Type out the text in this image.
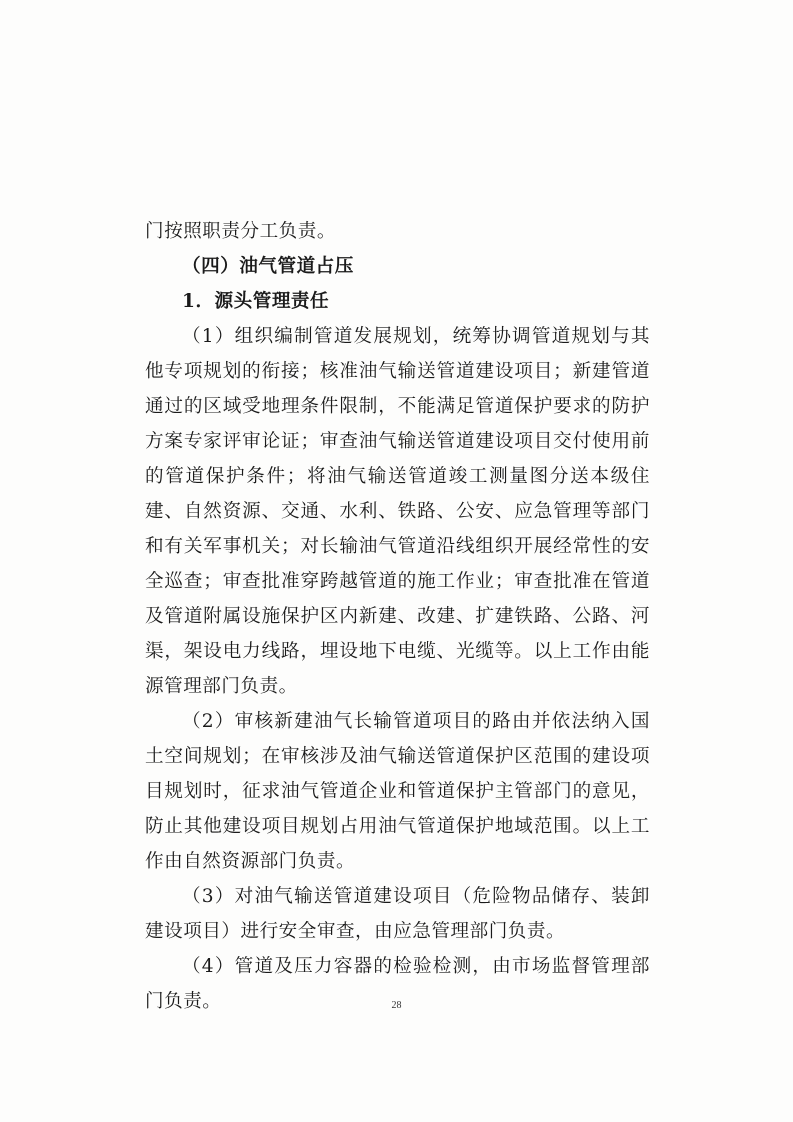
门按照职责分工负责。

（四）油气管道占压

1．源头管理责任

（1）组织编制管道发展规划，统筹协调管道规划与其他专项规划的衔接；核准油气输送管道建设项目；新建管道通过的区域受地理条件限制，不能满足管道保护要求的防护方案专家评审论证；审查油气输送管道建设项目交付使用前的管道保护条件；将油气输送管道竣工测量图分送本级住建、自然资源、交通、水利、铁路、公安、应急管理等部门和有关军事机关；对长输油气管道沿线组织开展经常性的安全巡查；审查批准穿跨越管道的施工作业；审查批准在管道及管道附属设施保护区内新建、改建、扩建铁路、公路、河渠，架设电力线路，埋设地下电缆、光缆等。以上工作由能源管理部门负责。

（2）审核新建油气长输管道项目的路由并依法纳入国土空间规划；在审核涉及油气输送管道保护区范围的建设项目规划时，征求油气管道企业和管道保护主管部门的意见，防止其他建设项目规划占用油气管道保护地域范围。以上工作由自然资源部门负责。

（3）对油气输送管道建设项目（危险物品储存、装卸建设项目）进行安全审查，由应急管理部门负责。

（4）管道及压力容器的检验检测，由市场监督管理部门负责。	28
